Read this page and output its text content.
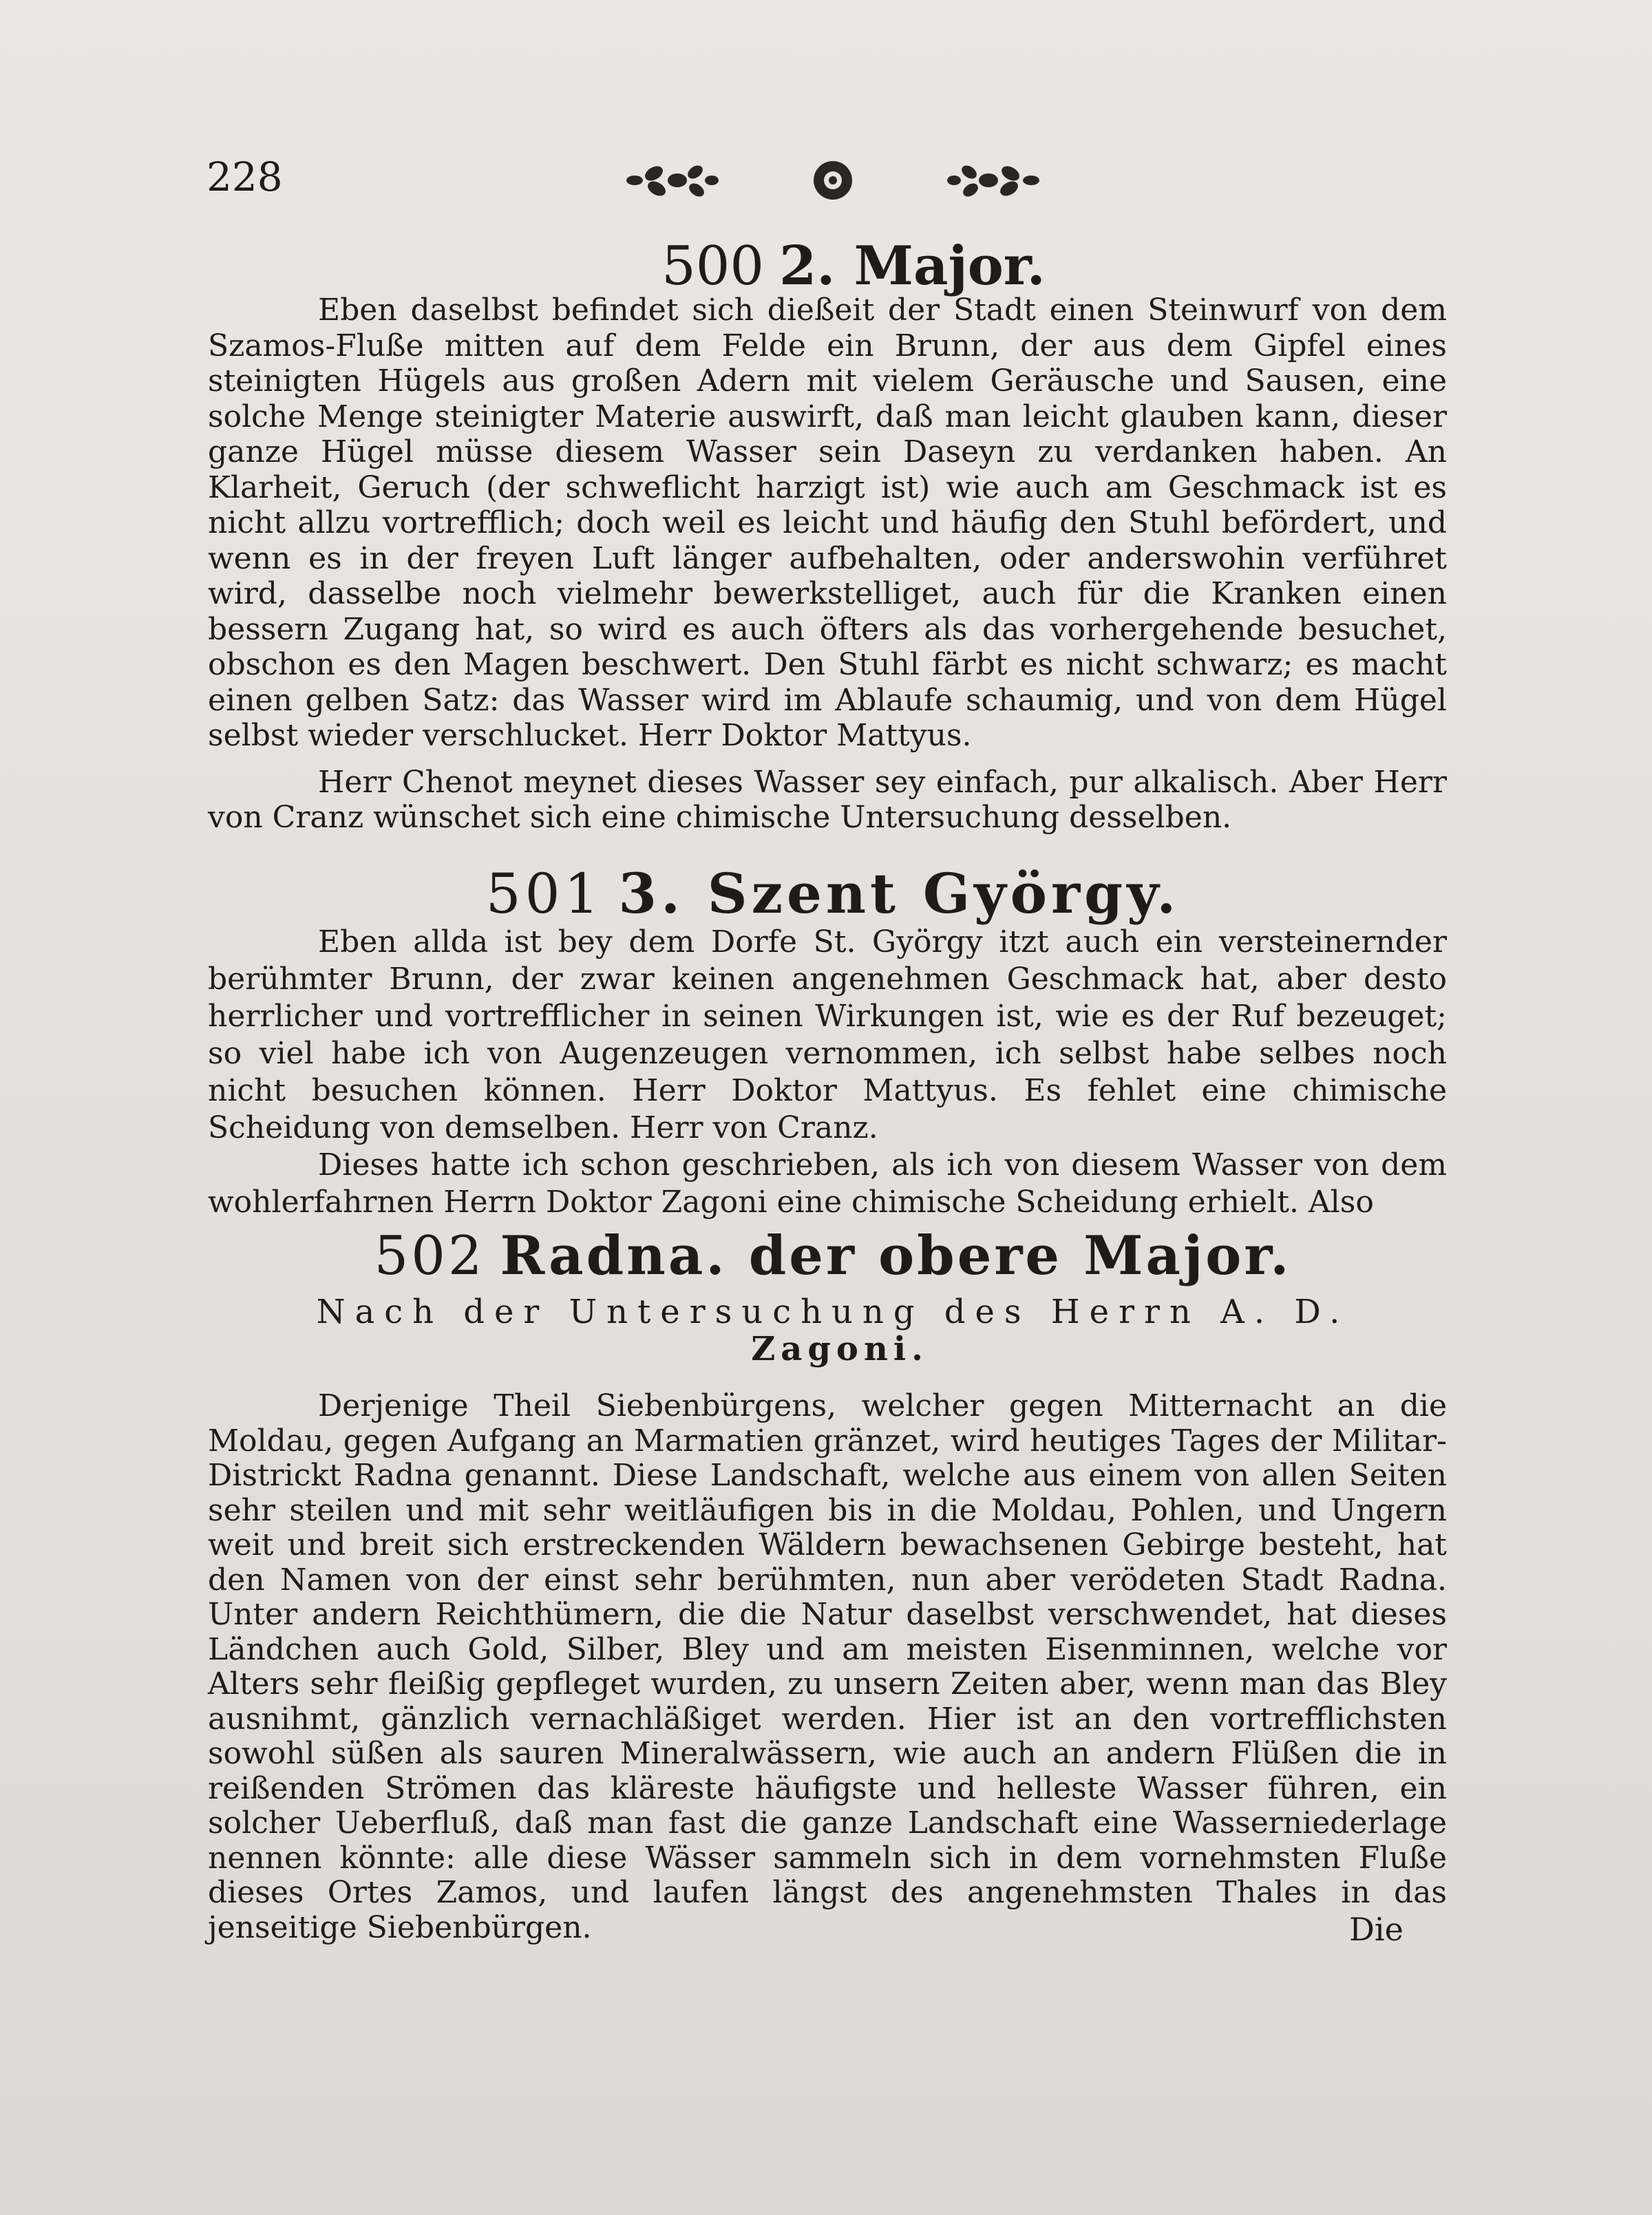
228
500 2. Major.

Eben daselbst befindet sich dießeit der Stadt einen Steinwurf von dem Szamos-Fluße mitten auf dem Felde ein Brunn, der aus dem Gipfel eines steinigten Hügels aus großen Adern mit vielem Geräusche und Sausen, eine solche Menge steinigter Materie auswirft, daß man leicht glauben kann, dieser ganze Hügel müsse diesem Wasser sein Daseyn zu verdanken haben. An Klarheit, Geruch (der schweflicht harzigt ist) wie auch am Geschmack ist es nicht allzu vortrefflich; doch weil es leicht und häufig den Stuhl befördert, und wenn es in der freyen Luft länger aufbehalten, oder anderswohin verführet wird, dasselbe noch vielmehr bewerkstelliget, auch für die Kranken einen bessern Zugang hat, so wird es auch öfters als das vorhergehende besuchet, obschon es den Magen beschwert. Den Stuhl färbt es nicht schwarz; es macht einen gelben Satz: das Wasser wird im Ablaufe schaumig, und von dem Hügel selbst wieder verschlucket. Herr Doktor Mattyus.

Herr Chenot meynet dieses Wasser sey einfach, pur alkalisch. Aber Herr von Cranz wünschet sich eine chimische Untersuchung desselben.

501 3. Szent György.

Eben allda ist bey dem Dorfe St. György itzt auch ein versteinernder berühmter Brunn, der zwar keinen angenehmen Geschmack hat, aber desto herrlicher und vortrefflicher in seinen Wirkungen ist, wie es der Ruf bezeuget; so viel habe ich von Augenzeugen vernommen, ich selbst habe selbes noch nicht besuchen können. Herr Doktor Mattyus. Es fehlet eine chimische Scheidung von demselben. Herr von Cranz.

Dieses hatte ich schon geschrieben, als ich von diesem Wasser von dem wohlerfahrnen Herrn Doktor Zagoni eine chimische Scheidung erhielt. Also

502 Radna. der obere Major.
Nach der Untersuchung des Herrn A. D.
Zagoni.

Derjenige Theil Siebenbürgens, welcher gegen Mitternacht an die Moldau, gegen Aufgang an Marmatien gränzet, wird heutiges Tages der Militar-Districkt Radna genannt. Diese Landschaft, welche aus einem von allen Seiten sehr steilen und mit sehr weitläufigen bis in die Moldau, Pohlen, und Ungern weit und breit sich erstreckenden Wäldern bewachsenen Gebirge besteht, hat den Namen von der einst sehr berühmten, nun aber verödeten Stadt Radna. Unter andern Reichthümern, die die Natur daselbst verschwendet, hat dieses Ländchen auch Gold, Silber, Bley und am meisten Eisenminnen, welche vor Alters sehr fleißig gepfleget wurden, zu unsern Zeiten aber, wenn man das Bley ausnihmt, gänzlich vernachläßiget werden. Hier ist an den vortrefflichsten sowohl süßen als sauren Mineralwässern, wie auch an andern Flüßen die in reißenden Strömen das kläreste häufigste und helleste Wasser führen, ein solcher Ueberfluß, daß man fast die ganze Landschaft eine Wasserniederlage nennen könnte: alle diese Wässer sammeln sich in dem vornehmsten Fluße dieses Ortes Zamos, und laufen längst des angenehmsten Thales in das jenseitige Siebenbürgen.	Die
